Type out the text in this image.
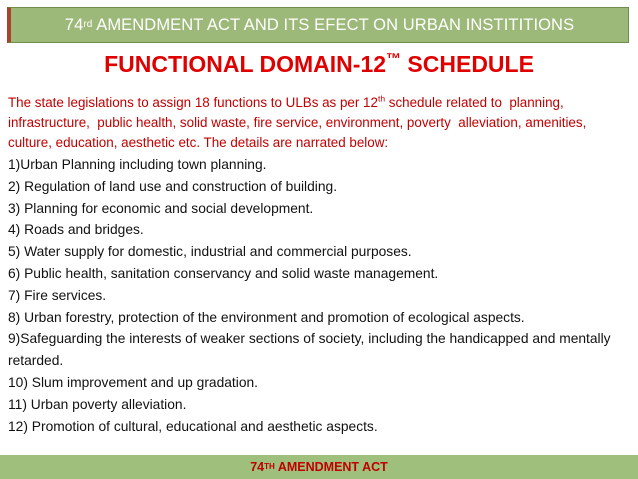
74 rd AMENDMENT ACT AND ITS EFECT ON URBAN INSTITITIONS
FUNCTIONAL DOMAIN-12™ SCHEDULE
The state legislations to assign 18 functions to ULBs as per 12th schedule related to  planning, infrastructure,  public health, solid waste, fire service, environment, poverty  alleviation, amenities, culture, education, aesthetic etc. The details are narrated below:
1)Urban Planning including town planning.
2) Regulation of land use and construction of building.
3) Planning for economic and social development.
4) Roads and bridges.
5) Water supply for domestic, industrial and commercial purposes.
6) Public health, sanitation conservancy and solid waste management.
7) Fire services.
8) Urban forestry, protection of the environment and promotion of ecological aspects.
9)Safeguarding the interests of weaker sections of society, including the handicapped and mentally retarded.
10) Slum improvement and up gradation.
11) Urban poverty alleviation.
12) Promotion of cultural, educational and aesthetic aspects.
74 TH AMENDMENT ACT
